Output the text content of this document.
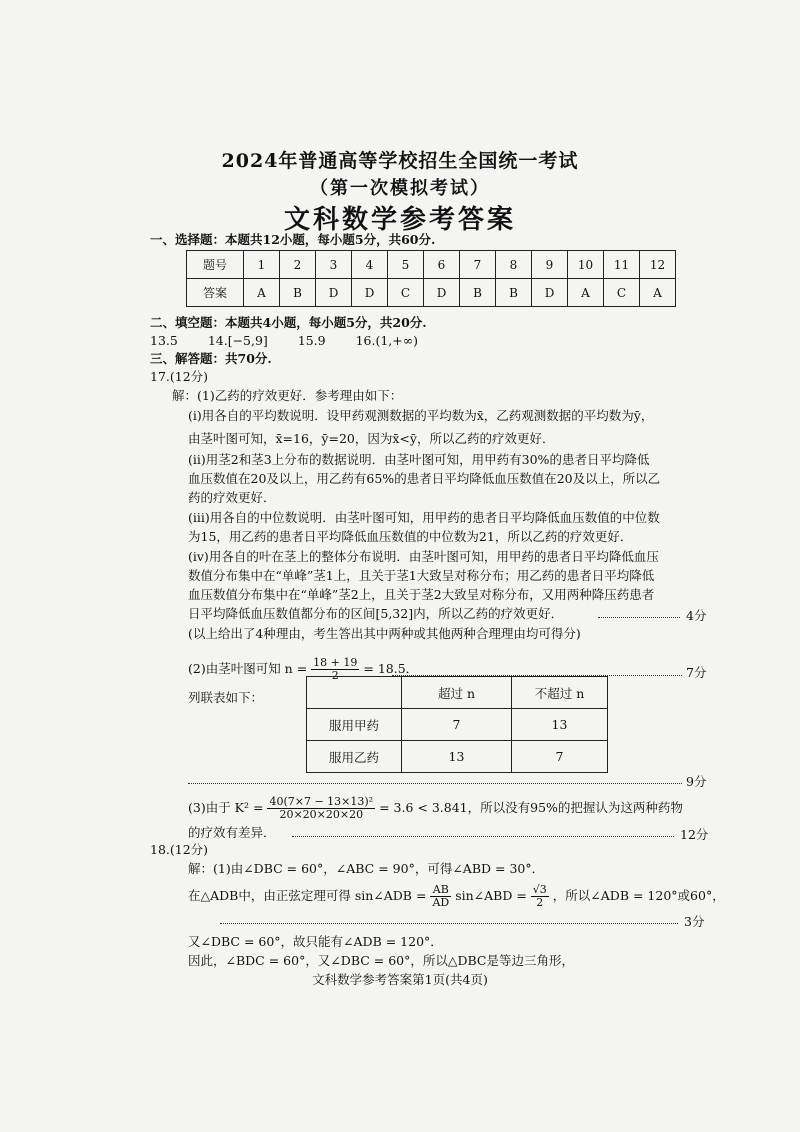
2024年普通高等学校招生全国统一考试
（第一次模拟考试）
文科数学参考答案
一、选择题：本题共12小题，每小题5分，共60分.
题号	1	2	3	4	5	6	7	8	9	10	11	12
答案	A	B	D	D	C	D	B	B	D	A	C	A
二、填空题：本题共4小题，每小题5分，共20分.
13.5 14.[−5,9] 15.9 16.(1,+∞)
三、解答题：共70分.
17.(12分)
解：(1)乙药的疗效更好．参考理由如下：
(i)用各自的平均数说明．设甲药观测数据的平均数为x̄，乙药观测数据的平均数为ȳ，
由茎叶图可知，x̄=16，ȳ=20，因为x̄<ȳ，所以乙药的疗效更好．
(ii)用茎2和茎3上分布的数据说明．由茎叶图可知，用甲药有30%的患者日平均降低
血压数值在20及以上，用乙药有65%的患者日平均降低血压数值在20及以上，所以乙
药的疗效更好．
(iii)用各自的中位数说明．由茎叶图可知，用甲药的患者日平均降低血压数值的中位数
为15，用乙药的患者日平均降低血压数值的中位数为21，所以乙药的疗效更好．
(iv)用各自的叶在茎上的整体分布说明．由茎叶图可知，用甲药的患者日平均降低血压
数值分布集中在“单峰”茎1上，且关于茎1大致呈对称分布；用乙药的患者日平均降低
血压数值分布集中在“单峰”茎2上，且关于茎2大致呈对称分布，又用两种降压药患者
日平均降低血压数值都分布的区间[5,32]内，所以乙药的疗效更好．	4分
(以上给出了4种理由，考生答出其中两种或其他两种合理理由均可得分)
(2)由茎叶图可知 $n = \frac{18 + 19}{2} = 18.5$．	7分
列联表如下：
		超过 n	不超过 n
服用甲药	7	13
服用乙药	13	7
9分
(3)由于 $K^2 = \frac{\text{40(7×7 − 13×13)²}}{20\times 20\times 20\times 20} = 3.6 < 3.841$，所以没有95%的把握认为这两种药物
的疗效有差异．	12分
18.(12分)
解：(1)由∠DBC = 60°，∠ABC = 90°，可得∠ABD = 30°．
在△ADB中，由正弦定理可得 sin∠ADB = $\frac{AB}{AD}$ sin∠ABD = $\frac{√3}{2}$ ，所以∠ADB = 120°或60°，
3分
又∠DBC = 60°，故只能有∠ADB = 120°．
因此，∠BDC = 60°，又∠DBC = 60°，所以△DBC是等边三角形，
文科数学参考答案第1页(共4页)
